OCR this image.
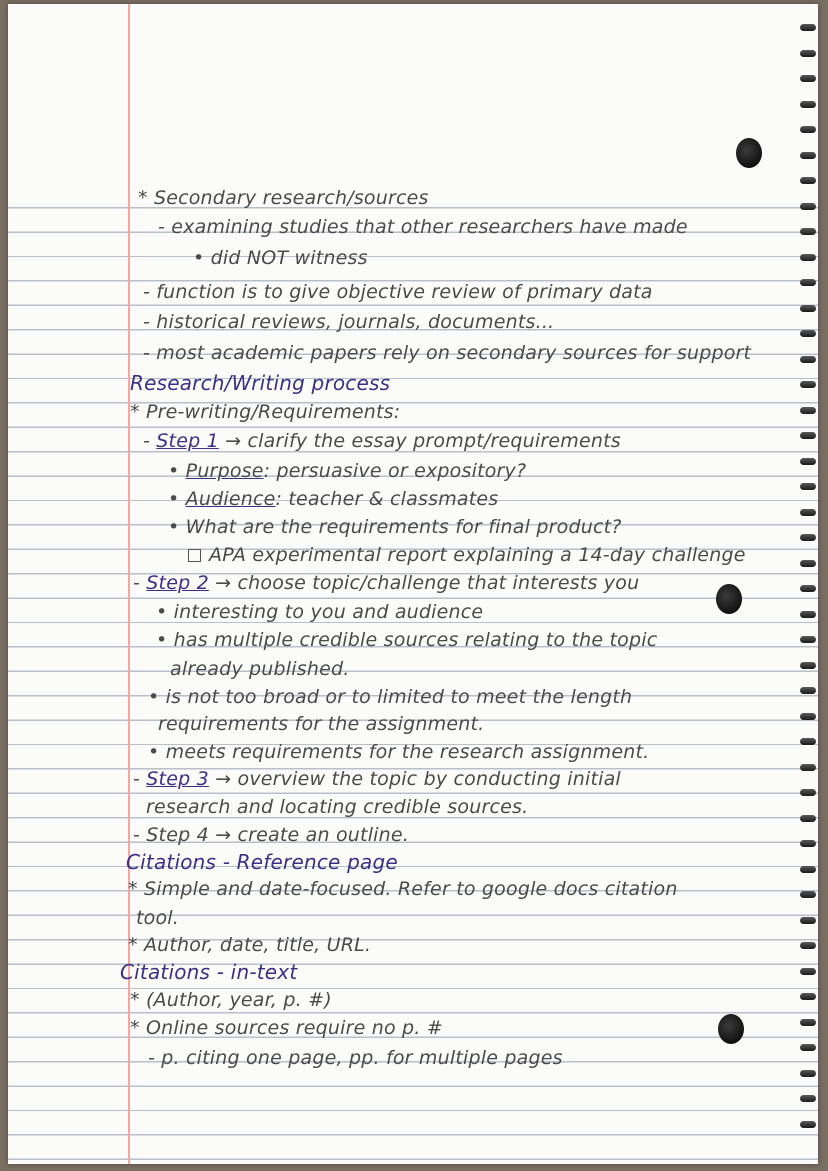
* Secondary research/sources
- examining studies that other researchers have made
• did NOT witness
- function is to give objective review of primary data
- historical reviews, journals, documents...
- most academic papers rely on secondary sources for support
Research/Writing process
* Pre-writing/Requirements:
- Step 1 → clarify the essay prompt/requirements
• Purpose: persuasive or expository?
• Audience: teacher & classmates
• What are the requirements for final product?
APA experimental report explaining a 14-day challenge
- Step 2 → choose topic/challenge that interests you
• interesting to you and audience
• has multiple credible sources relating to the topic
already published.
• is not too broad or to limited to meet the length
requirements for the assignment.
• meets requirements for the research assignment.
- Step 3 → overview the topic by conducting initial
research and locating credible sources.
- Step 4 → create an outline.
Citations - Reference page
* Simple and date-focused. Refer to google docs citation
tool.
* Author, date, title, URL.
Citations - in-text
* (Author, year, p. #)
* Online sources require no p. #
- p. citing one page, pp. for multiple pages
